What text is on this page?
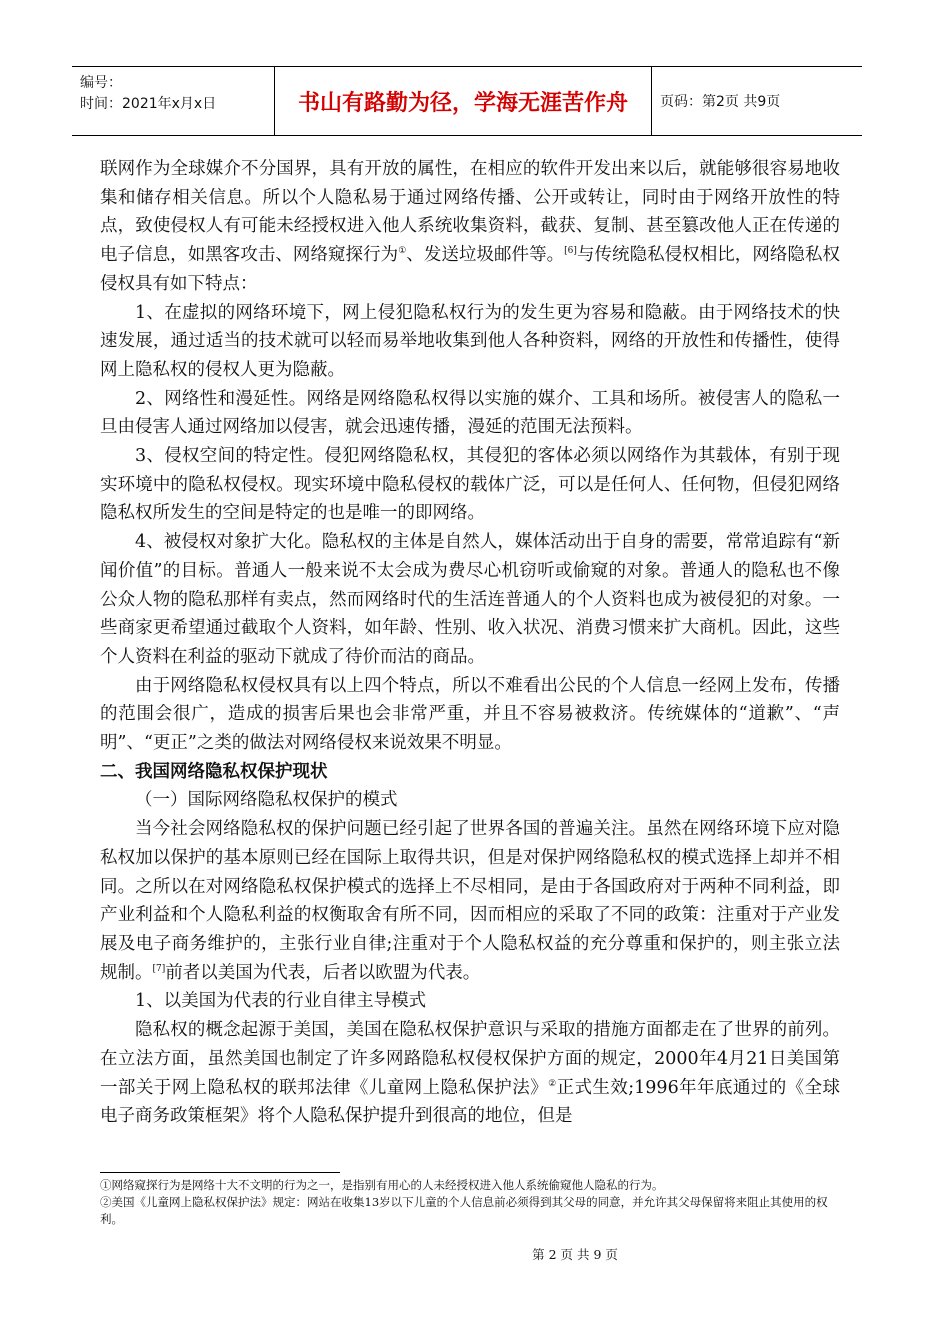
编号：
时间：2021年x月x日	书山有路勤为径，学海无涯苦作舟	页码：第2页 共9页

联网作为全球媒介不分国界，具有开放的属性，在相应的软件开发出来以后，就能够很容易地收集和储存相关信息。所以个人隐私易于通过网络传播、公开或转让，同时由于网络开放性的特点，致使侵权人有可能未经授权进入他人系统收集资料，截获、复制、甚至篡改他人正在传递的电子信息，如黑客攻击、网络窥探行为①、发送垃圾邮件等。[6]与传统隐私侵权相比，网络隐私权侵权具有如下特点：

1、在虚拟的网络环境下，网上侵犯隐私权行为的发生更为容易和隐蔽。由于网络技术的快速发展，通过适当的技术就可以轻而易举地收集到他人各种资料，网络的开放性和传播性，使得网上隐私权的侵权人更为隐蔽。

2、网络性和漫延性。网络是网络隐私权得以实施的媒介、工具和场所。被侵害人的隐私一旦由侵害人通过网络加以侵害，就会迅速传播，漫延的范围无法预料。

3、侵权空间的特定性。侵犯网络隐私权，其侵犯的客体必须以网络作为其载体，有别于现实环境中的隐私权侵权。现实环境中隐私侵权的载体广泛，可以是任何人、任何物，但侵犯网络隐私权所发生的空间是特定的也是唯一的即网络。

4、被侵权对象扩大化。隐私权的主体是自然人，媒体活动出于自身的需要，常常追踪有“新闻价值”的目标。普通人一般来说不太会成为费尽心机窃听或偷窥的对象。普通人的隐私也不像公众人物的隐私那样有卖点，然而网络时代的生活连普通人的个人资料也成为被侵犯的对象。一些商家更希望通过截取个人资料，如年龄、性别、收入状况、消费习惯来扩大商机。因此，这些个人资料在利益的驱动下就成了待价而沽的商品。

由于网络隐私权侵权具有以上四个特点，所以不难看出公民的个人信息一经网上发布，传播的范围会很广，造成的损害后果也会非常严重，并且不容易被救济。传统媒体的“道歉”、“声明”、“更正”之类的做法对网络侵权来说效果不明显。

二、我国网络隐私权保护现状

（一）国际网络隐私权保护的模式

当今社会网络隐私权的保护问题已经引起了世界各国的普遍关注。虽然在网络环境下应对隐私权加以保护的基本原则已经在国际上取得共识，但是对保护网络隐私权的模式选择上却并不相同。之所以在对网络隐私权保护模式的选择上不尽相同，是由于各国政府对于两种不同利益，即产业利益和个人隐私利益的权衡取舍有所不同，因而相应的采取了不同的政策：注重对于产业发展及电子商务维护的，主张行业自律;注重对于个人隐私权益的充分尊重和保护的，则主张立法规制。[7]前者以美国为代表，后者以欧盟为代表。

1、以美国为代表的行业自律主导模式

隐私权的概念起源于美国，美国在隐私权保护意识与采取的措施方面都走在了世界的前列。在立法方面，虽然美国也制定了许多网路隐私权侵权保护方面的规定，2000年4月21日美国第一部关于网上隐私权的联邦法律《儿童网上隐私保护法》②正式生效;1996年年底通过的《全球电子商务政策框架》将个人隐私保护提升到很高的地位，但是

①网络窥探行为是网络十大不文明的行为之一，是指别有用心的人未经授权进入他人系统偷窥他人隐私的行为。

②美国《儿童网上隐私权保护法》规定：网站在收集13岁以下儿童的个人信息前必须得到其父母的同意，并允许其父母保留将来阻止其使用的权利。

第 2 页 共 9 页
